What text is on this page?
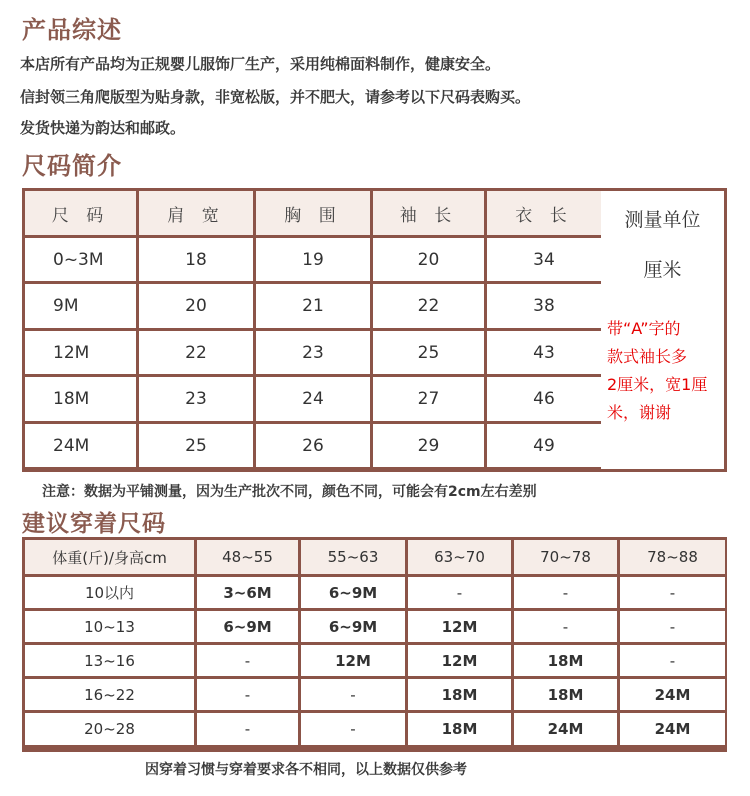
产品综述
本店所有产品均为正规婴儿服饰厂生产，采用纯棉面料制作，健康安全。
信封领三角爬版型为贴身款，非宽松版，并不肥大，请参考以下尺码表购买。
发货快递为韵达和邮政。
尺码简介
尺 码	肩 宽	胸 围	袖 长	衣 长
0~3M	18	19	20	34
9M	20	21	22	38
12M	22	23	25	43
18M	23	24	27	46
24M	25	26	29	49
测量单位
厘米
带“A”字的
款式袖长多
2厘米，宽1厘
米，谢谢
注意：数据为平铺测量，因为生产批次不同，颜色不同，可能会有2cm左右差别
建议穿着尺码
体重(斤)/身高cm	48~55	55~63	63~70	70~78	78~88
10以内	3~6M	6~9M	-	-	-
10~13	6~9M	6~9M	12M	-	-
13~16	-	12M	12M	18M	-
16~22	-	-	18M	18M	24M
20~28	-	-	18M	24M	24M
因穿着习惯与穿着要求各不相同，以上数据仅供参考
